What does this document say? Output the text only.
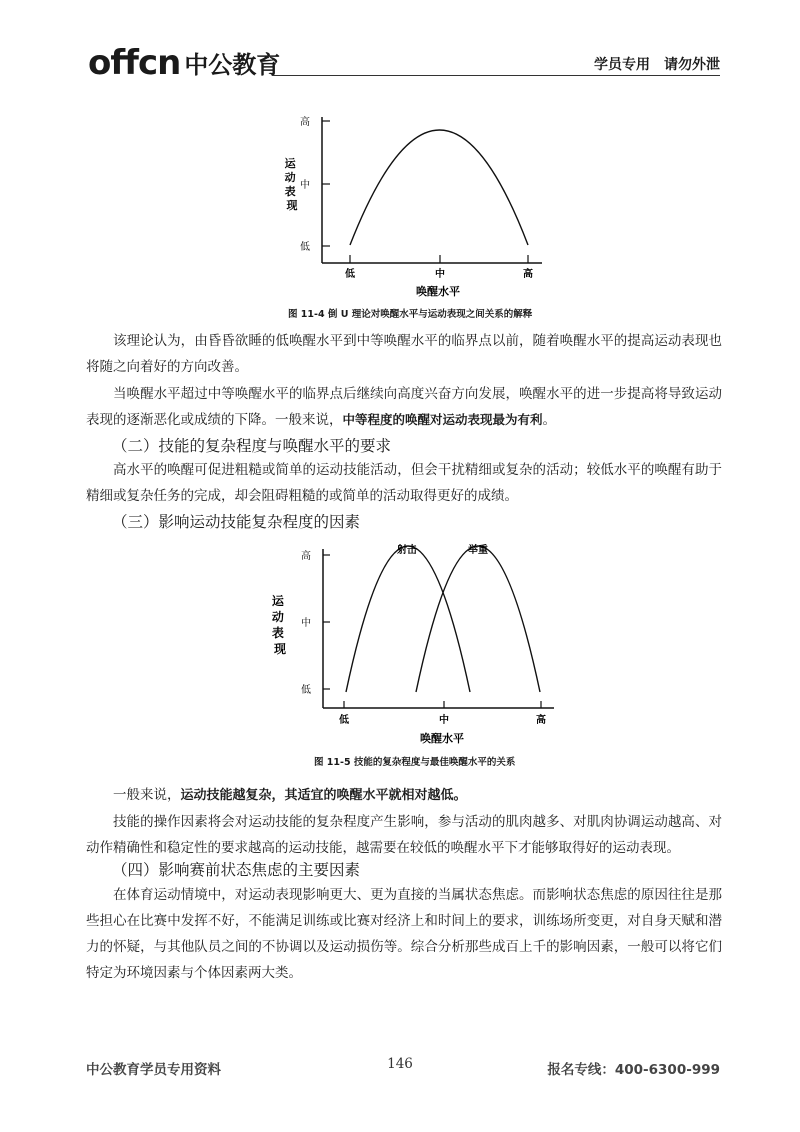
offcn 中公教育	学员专用　请勿外泄
高
中
低
低	中	高
运 动 表 现
唤醒水平
图 11-4 倒 U 理论对唤醒水平与运动表现之间关系的解释
该理论认为，由昏昏欲睡的低唤醒水平到中等唤醒水平的临界点以前，随着唤醒水平的提高运动表现也将随之向着好的方向改善。
当唤醒水平超过中等唤醒水平的临界点后继续向高度兴奋方向发展，唤醒水平的进一步提高将导致运动表现的逐渐恶化或成绩的下降。一般来说，中等程度的唤醒对运动表现最为有利。
（二）技能的复杂程度与唤醒水平的要求
高水平的唤醒可促进粗糙或简单的运动技能活动，但会干扰精细或复杂的活动；较低水平的唤醒有助于精细或复杂任务的完成，却会阻碍粗糙的或简单的活动取得更好的成绩。
（三）影响运动技能复杂程度的因素
高
中
低
低	中	高
运 动 表 现
唤醒水平
射击	举重
图 11-5 技能的复杂程度与最佳唤醒水平的关系
一般来说，运动技能越复杂，其适宜的唤醒水平就相对越低。
技能的操作因素将会对运动技能的复杂程度产生影响，参与活动的肌肉越多、对肌肉协调运动越高、对动作精确性和稳定性的要求越高的运动技能，越需要在较低的唤醒水平下才能够取得好的运动表现。
（四）影响赛前状态焦虑的主要因素
在体育运动情境中，对运动表现影响更大、更为直接的当属状态焦虑。而影响状态焦虑的原因往往是那些担心在比赛中发挥不好，不能满足训练或比赛对经济上和时间上的要求，训练场所变更，对自身天赋和潜力的怀疑，与其他队员之间的不协调以及运动损伤等。综合分析那些成百上千的影响因素，一般可以将它们特定为环境因素与个体因素两大类。
中公教育学员专用资料	146	报名专线：400-6300-999
